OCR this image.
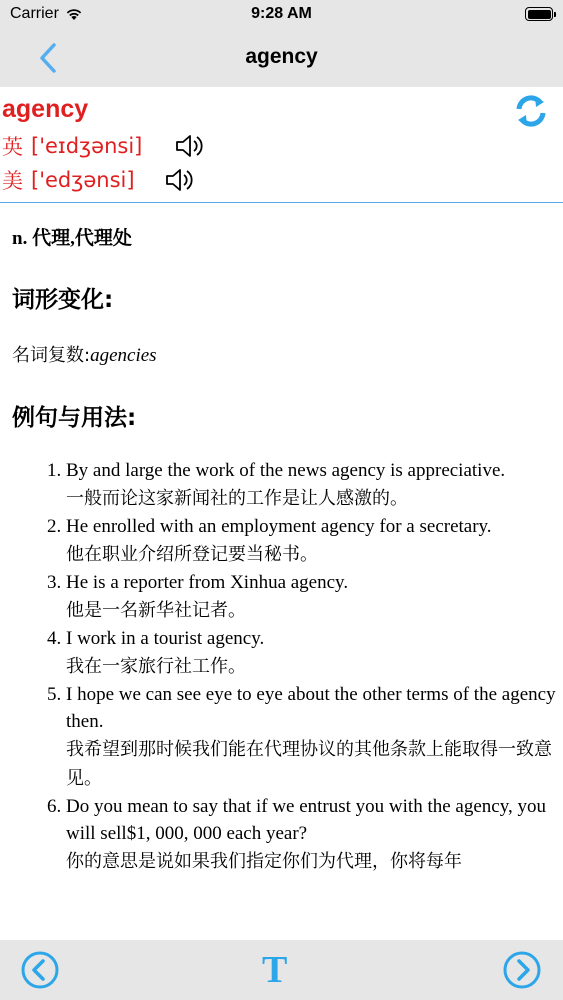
Carrier	9:28 AM
agency
agency
英 ['eɪdʒənsi]
美 ['edʒənsi]
n. 代理,代理处
词形变化:
名词复数:agencies
例句与用法:
1. By and large the work of the news agency is appreciative.
一般而论这家新闻社的工作是让人感激的。
2. He enrolled with an employment agency for a secretary.
他在职业介绍所登记要当秘书。
3. He is a reporter from Xinhua agency.
他是一名新华社记者。
4. I work in a tourist agency.
我在一家旅行社工作。
5. I hope we can see eye to eye about the other terms of the agency then.
我希望到那时候我们能在代理协议的其他条款上能取得一致意见。
6. Do you mean to say that if we entrust you with the agency, you will sell$1, 000, 000 each year?
你的意思是说如果我们指定你们为代理，你将每年
T
